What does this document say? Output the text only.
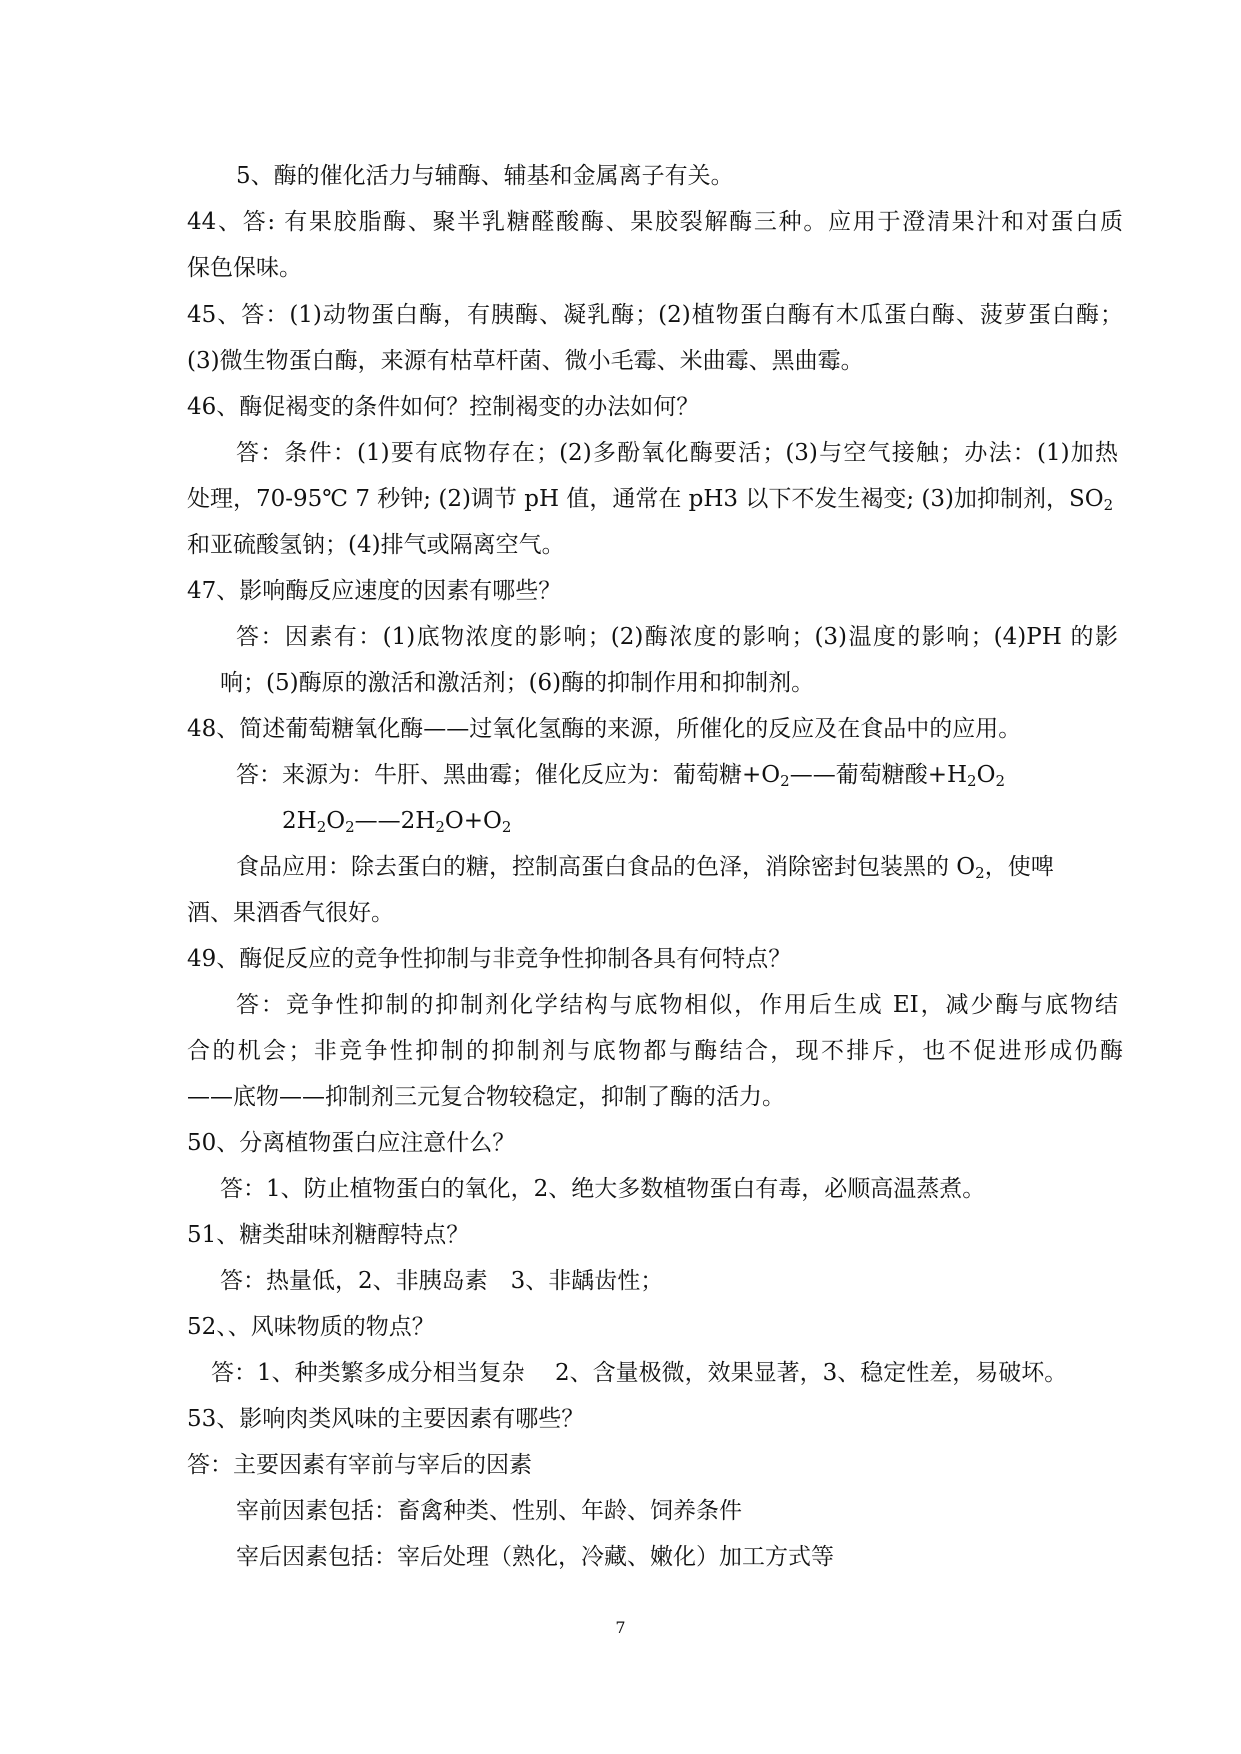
5、酶的催化活力与辅酶、辅基和金属离子有关。
44、答: 有果胶脂酶、聚半乳糖醛酸酶、果胶裂解酶三种。应用于澄清果汁和对蛋白质
保色保味。
45、答：(1)动物蛋白酶，有胰酶、凝乳酶；(2)植物蛋白酶有木瓜蛋白酶、菠萝蛋白酶；
(3)微生物蛋白酶，来源有枯草杆菌、微小毛霉、米曲霉、黑曲霉。
46、酶促褐变的条件如何？控制褐变的办法如何？
答：条件：(1)要有底物存在；(2)多酚氧化酶要活；(3)与空气接触；办法：(1)加热
处理，70-95℃ 7 秒钟; (2)调节 pH 值，通常在 pH3 以下不发生褐变; (3)加抑制剂，$SO_2$
和亚硫酸氢钠；(4)排气或隔离空气。
47、影响酶反应速度的因素有哪些？
答：因素有：(1)底物浓度的影响；(2)酶浓度的影响；(3)温度的影响；(4)PH 的影
响；(5)酶原的激活和激活剂；(6)酶的抑制作用和抑制剂。
48、简述葡萄糖氧化酶——过氧化氢酶的来源，所催化的反应及在食品中的应用。
答：来源为：牛肝、黑曲霉；催化反应为：葡萄糖$+O_2——$葡萄糖酸$+H_2O_2$
$2H_2O_2——2H_2O+O_2$
食品应用：除去蛋白的糖，控制高蛋白食品的色泽，消除密封包装黑的 $O_2$，使啤
酒、果酒香气很好。
49、酶促反应的竞争性抑制与非竞争性抑制各具有何特点？
答：竞争性抑制的抑制剂化学结构与底物相似，作用后生成 EI，减少酶与底物结
合的机会；非竞争性抑制的抑制剂与底物都与酶结合，现不排斥，也不促进形成仍酶
——底物——抑制剂三元复合物较稳定，抑制了酶的活力。
50、分离植物蛋白应注意什么？
答：1、防止植物蛋白的氧化，2、绝大多数植物蛋白有毒，必顺高温蒸煮。
51、糖类甜味剂糖醇特点？
答：热量低，2、非胰岛素　3、非龋齿性；
52、、风味物质的物点？
答：1、种类繁多成分相当复杂　 2、含量极微，效果显著，3、稳定性差，易破坏。
53、影响肉类风味的主要因素有哪些？
答：主要因素有宰前与宰后的因素
宰前因素包括：畜禽种类、性别、年龄、饲养条件
宰后因素包括：宰后处理（熟化，冷藏、嫩化）加工方式等
7
